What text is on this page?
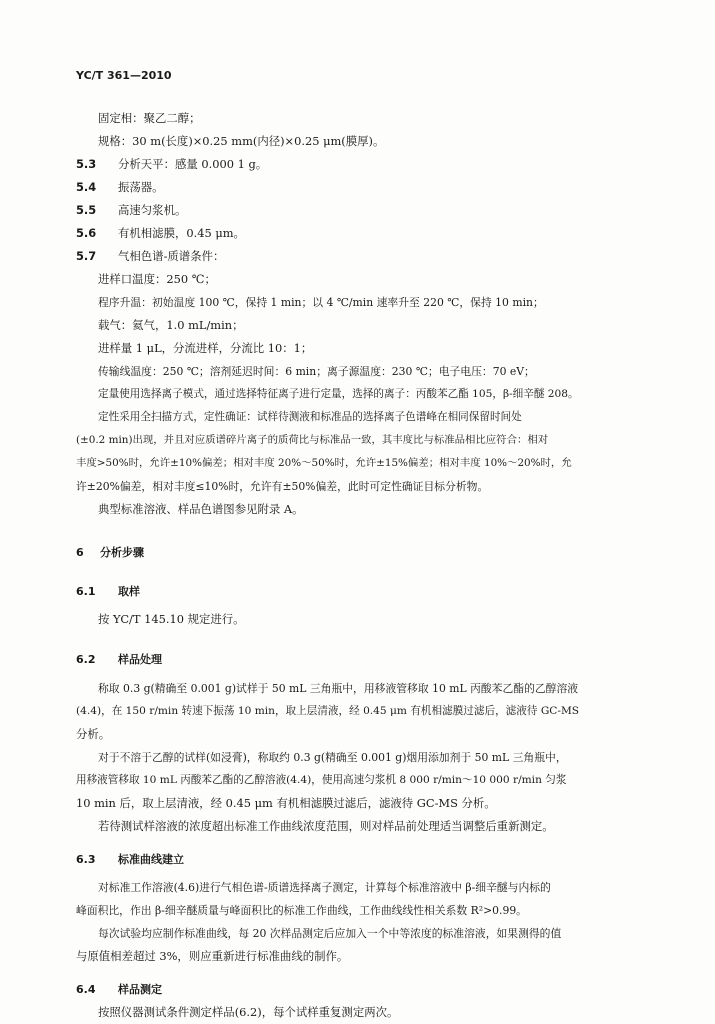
YC/T 361—2010
固定相：聚乙二醇；
规格：30 m(长度)×0.25 mm(内径)×0.25 μm(膜厚)。
5.3 分析天平：感量 0.000 1 g。
5.4 振荡器。
5.5 高速匀浆机。
5.6 有机相滤膜，0.45 μm。
5.7 气相色谱-质谱条件：
进样口温度：250 ℃；
程序升温：初始温度 100 ℃，保持 1 min；以 4 ℃/min 速率升至 220 ℃，保持 10 min；
载气：氦气，1.0 mL/min；
进样量 1 μL，分流进样，分流比 10：1；
传输线温度：250 ℃；溶剂延迟时间：6 min；离子源温度：230 ℃；电子电压：70 eV；
定量使用选择离子模式，通过选择特征离子进行定量，选择的离子：丙酸苯乙酯 105，β-细辛醚 208。
定性采用全扫描方式，定性确证：试样待测液和标准品的选择离子色谱峰在相同保留时间处
(±0.2 min)出现，并且对应质谱碎片离子的质荷比与标准品一致，其丰度比与标准品相比应符合：相对
丰度>50%时，允许±10%偏差；相对丰度 20%～50%时，允许±15%偏差；相对丰度 10%～20%时，允
许±20%偏差，相对丰度≤10%时，允许有±50%偏差，此时可定性确证目标分析物。
典型标准溶液、样品色谱图参见附录 A。
6 分析步骤
6.1 取样
按 YC/T 145.10 规定进行。
6.2 样品处理
称取 0.3 g(精确至 0.001 g)试样于 50 mL 三角瓶中，用移液管移取 10 mL 丙酸苯乙酯的乙醇溶液
(4.4)，在 150 r/min 转速下振荡 10 min，取上层清液，经 0.45 μm 有机相滤膜过滤后，滤液待 GC-MS
分析。
对于不溶于乙醇的试样(如浸膏)，称取约 0.3 g(精确至 0.001 g)烟用添加剂于 50 mL 三角瓶中，
用移液管移取 10 mL 丙酸苯乙酯的乙醇溶液(4.4)，使用高速匀浆机 8 000 r/min～10 000 r/min 匀浆
10 min 后，取上层清液，经 0.45 μm 有机相滤膜过滤后，滤液待 GC-MS 分析。
若待测试样溶液的浓度超出标准工作曲线浓度范围，则对样品前处理适当调整后重新测定。
6.3 标准曲线建立
对标准工作溶液(4.6)进行气相色谱-质谱选择离子测定，计算每个标准溶液中 β-细辛醚与内标的
峰面积比，作出 β-细辛醚质量与峰面积比的标准工作曲线，工作曲线线性相关系数 R²>0.99。
每次试验均应制作标准曲线，每 20 次样品测定后应加入一个中等浓度的标准溶液，如果测得的值
与原值相差超过 3%，则应重新进行标准曲线的制作。
6.4 样品测定
按照仪器测试条件测定样品(6.2)，每个试样重复测定两次。
